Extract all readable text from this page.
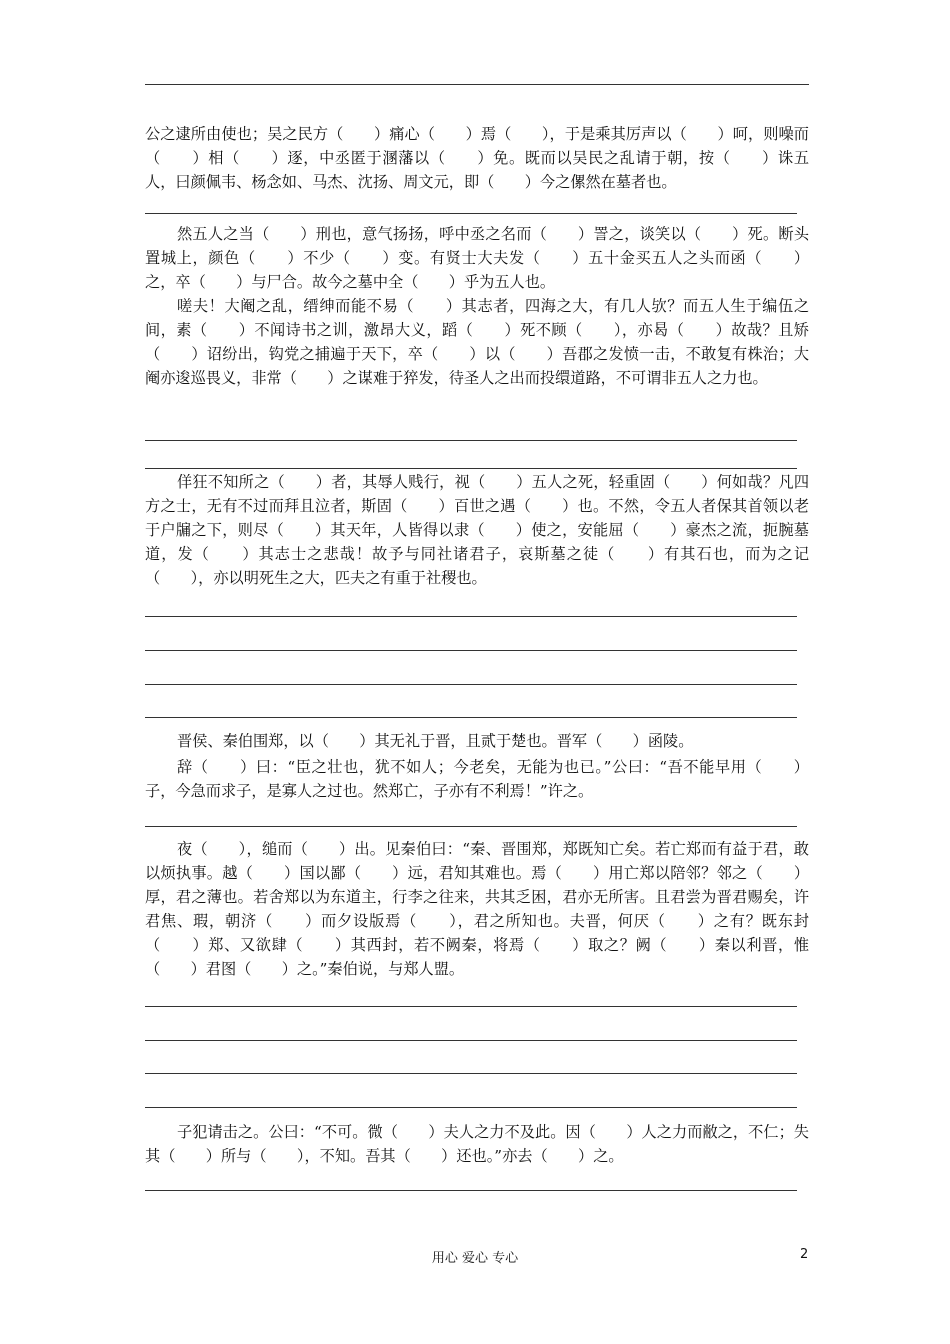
公之逮所由使也；吴之民方（　　）痛心（　　）焉（　　），于是乘其厉声以（　　）呵，则噪而（　　）相（　　）逐，中丞匿于溷藩以（　　）免。既而以吴民之乱请于朝，按（　　）诛五人，曰颜佩韦、杨念如、马杰、沈扬、周文元，即（　　）今之傫然在墓者也。
然五人之当（　　）刑也，意气扬扬，呼中丞之名而（　　）詈之，谈笑以（　　）死。断头置城上，颜色（　　）不少（　　）变。有贤士大夫发（　　）五十金买五人之头而函（　　）之，卒（　　）与尸合。故今之墓中全（　　）乎为五人也。
嗟夫！大阉之乱，缙绅而能不易（　　）其志者，四海之大，有几人欤？而五人生于编伍之间，素（　　）不闻诗书之训，激昂大义，蹈（　　）死不顾（　　），亦曷（　　）故哉？且矫（　　）诏纷出，钩党之捕遍于天下，卒（　　）以（　　）吾郡之发愤一击，不敢复有株治；大阉亦逡巡畏义，非常（　　）之谋难于猝发，待圣人之出而投缳道路，不可谓非五人之力也。
佯狂不知所之（　　）者，其辱人贱行，视（　　）五人之死，轻重固（　　）何如哉？凡四方之士，无有不过而拜且泣者，斯固（　　）百世之遇（　　）也。不然，令五人者保其首领以老于户牖之下，则尽（　　）其天年，人皆得以隶（　　）使之，安能屈（　　）豪杰之流，扼腕墓道，发（　　）其志士之悲哉！故予与同社诸君子，哀斯墓之徒（　　）有其石也，而为之记（　　），亦以明死生之大，匹夫之有重于社稷也。
晋侯、秦伯围郑，以（　　）其无礼于晋，且贰于楚也。晋军（　　）函陵。
辞（　　）曰：“臣之壮也，犹不如人；今老矣，无能为也已。”公曰：“吾不能早用（　　）子，今急而求子，是寡人之过也。然郑亡，子亦有不利焉！”许之。
夜（　　），缒而（　　）出。见秦伯曰：“秦、晋围郑，郑既知亡矣。若亡郑而有益于君，敢以烦执事。越（　　）国以鄙（　　）远，君知其难也。焉（　　）用亡郑以陪邻？邻之（　　）厚，君之薄也。若舍郑以为东道主，行李之往来，共其乏困，君亦无所害。且君尝为晋君赐矣，许君焦、瑕，朝济（　　）而夕设版焉（　　），君之所知也。夫晋，何厌（　　）之有？既东封（　　）郑、又欲肆（　　）其西封，若不阙秦，将焉（　　）取之？阙（　　）秦以利晋，惟（　　）君图（　　）之。”秦伯说，与郑人盟。
子犯请击之。公曰：“不可。微（　　）夫人之力不及此。因（　　）人之力而敝之，不仁；失其（　　）所与（　　），不知。吾其（　　）还也。”亦去（　　）之。
用心 爱心 专心	2
